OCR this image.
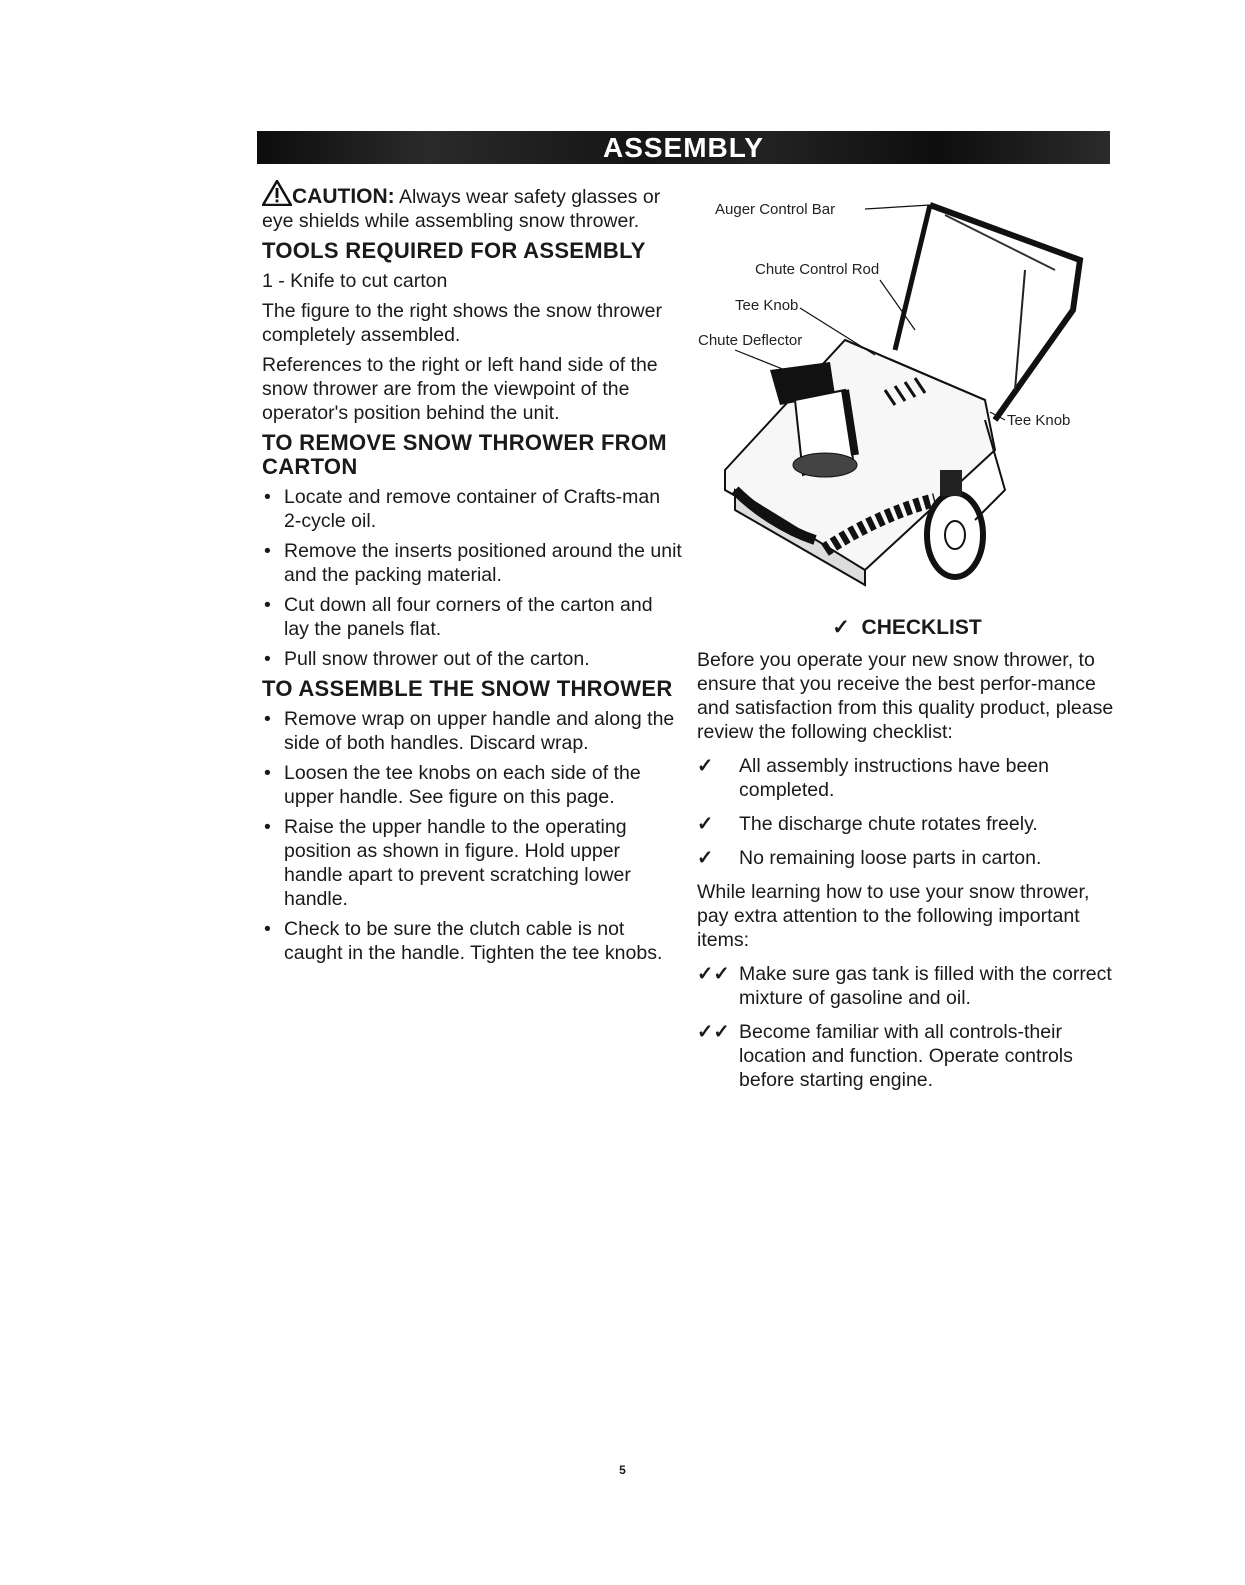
ASSEMBLY

CAUTION: Always wear safety glasses or eye shields while assembling snow thrower.

TOOLS REQUIRED FOR ASSEMBLY

1 - Knife to cut carton

The figure to the right shows the snow thrower completely assembled.

References to the right or left hand side of the snow thrower are from the viewpoint of the operator's position behind the unit.

TO REMOVE SNOW THROWER FROM CARTON
• Locate and remove container of Crafts-man 2-cycle oil.
• Remove the inserts positioned around the unit and the packing material.
• Cut down all four corners of the carton and lay the panels flat.
• Pull snow thrower out of the carton.
TO ASSEMBLE THE SNOW THROWER
• Remove wrap on upper handle and along the side of both handles. Discard wrap.
• Loosen the tee knobs on each side of the upper handle. See figure on this page.
• Raise the upper handle to the operating position as shown in figure. Hold upper handle apart to prevent scratching lower handle.
• Check to be sure the clutch cable is not caught in the handle. Tighten the tee knobs.
Auger Control Bar
Chute Control Rod
Tee Knob
Chute Deflector
Tee Knob
✓  CHECKLIST

Before you operate your new snow thrower, to ensure that you receive the best perfor-mance and satisfaction from this quality product, please review the following checklist:

✓ All assembly instructions have been completed.
✓ The discharge chute rotates freely.
✓ No remaining loose parts in carton.

While learning how to use your snow thrower, pay extra attention to the following important items:

✓✓ Make sure gas tank is filled with the correct mixture of gasoline and oil.
✓✓ Become familiar with all controls-their location and function. Operate controls before starting engine.
5
